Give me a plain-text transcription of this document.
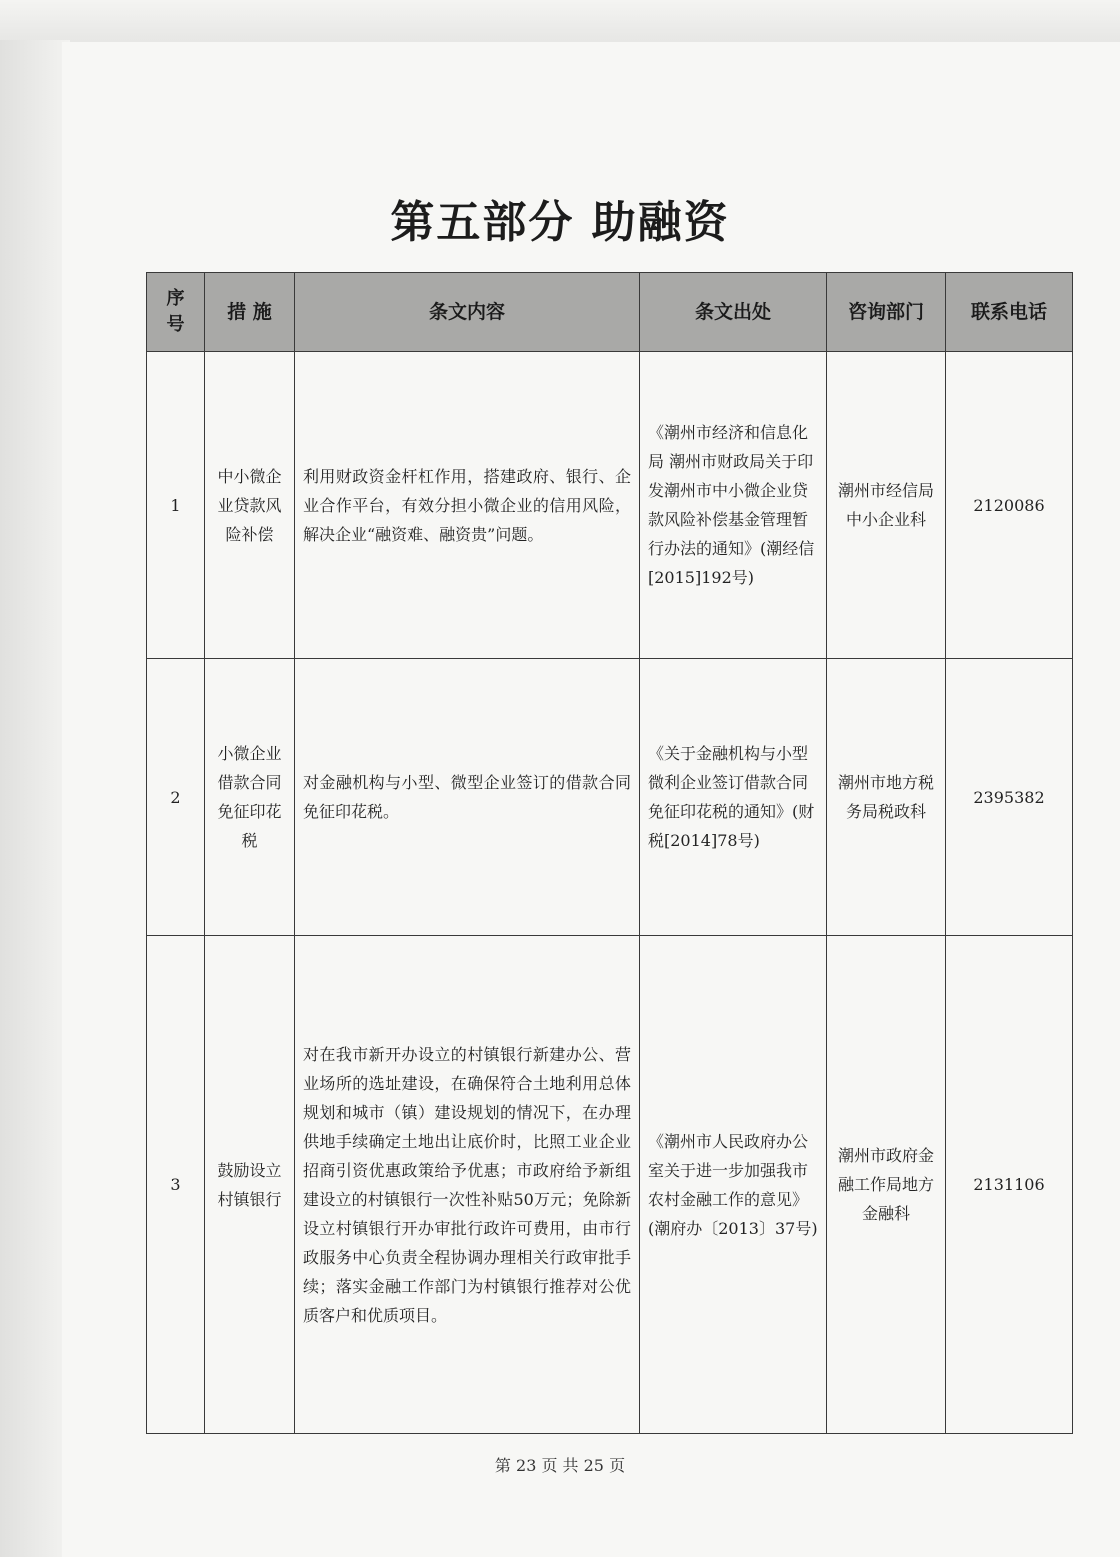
第五部分 助融资
序号	措 施	条文内容	条文出处	咨询部门	联系电话
1	中小微企业贷款风险补偿	利用财政资金杆杠作用，搭建政府、银行、企业合作平台，有效分担小微企业的信用风险，解决企业“融资难、融资贵”问题。	《潮州市经济和信息化局 潮州市财政局关于印发潮州市中小微企业贷款风险补偿基金管理暂行办法的通知》(潮经信[2015]192号)	潮州市经信局 中小企业科	2120086
2	小微企业借款合同免征印花税	对金融机构与小型、微型企业签订的借款合同免征印花税。	《关于金融机构与小型微利企业签订借款合同免征印花税的通知》(财税[2014]78号)	潮州市地方税务局税政科	2395382
3	鼓励设立村镇银行	对在我市新开办设立的村镇银行新建办公、营业场所的选址建设，在确保符合土地利用总体规划和城市（镇）建设规划的情况下，在办理供地手续确定土地出让底价时，比照工业企业招商引资优惠政策给予优惠；市政府给予新组建设立的村镇银行一次性补贴50万元；免除新设立村镇银行开办审批行政许可费用，由市行政服务中心负责全程协调办理相关行政审批手续；落实金融工作部门为村镇银行推荐对公优质客户和优质项目。	《潮州市人民政府办公室关于进一步加强我市农村金融工作的意见》(潮府办〔2013〕37号)	潮州市政府金融工作局地方金融科	2131106
第 23 页 共 25 页
